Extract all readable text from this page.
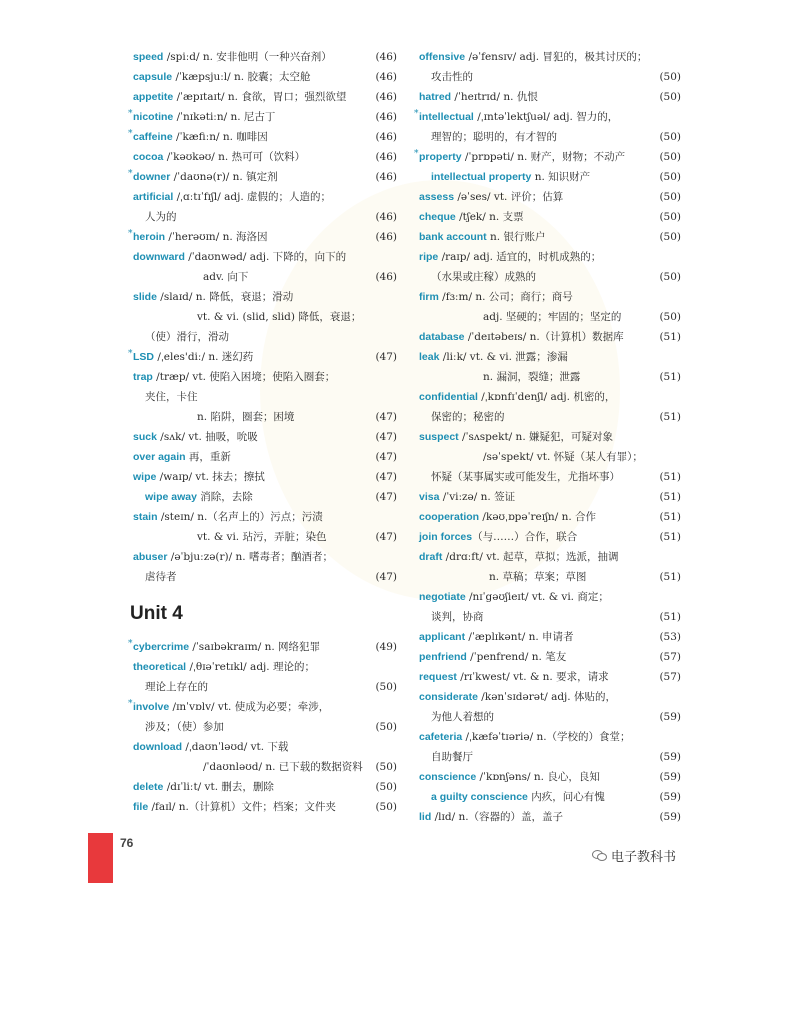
speed /spiːd/ n. 安非他明（一种兴奋剂）	(46)
capsule /ˈkæpsjuːl/ n. 胶囊；太空舱	(46)
appetite /ˈæpɪtaɪt/ n. 食欲，胃口；强烈欲望	(46)
* nicotine /ˈnɪkətiːn/ n. 尼古丁	(46)
* caffeine /ˈkæfiːn/ n. 咖啡因	(46)
cocoa /ˈkəʊkəʊ/ n. 热可可（饮料）	(46)
* downer /ˈdaʊnə(r)/ n. 镇定剂	(46)
artificial /ˌɑːtɪˈfɪʃl/ adj. 虚假的；人造的；
人为的	(46)
* heroin /ˈherəʊɪn/ n. 海洛因	(46)
downward /ˈdaʊnwəd/ adj. 下降的，向下的
adv. 向下	(46)
slide /slaɪd/ n. 降低，衰退；滑动
vt. & vi. (slid, slid) 降低，衰退；
（使）滑行，滑动
* LSD /ˌeles'diː/ n. 迷幻药	(47)
trap /træp/ vt. 使陷入困境；使陷入圈套；
夹住，卡住
n. 陷阱，圈套；困境	(47)
suck /sʌk/ vt. 抽吸，吮吸	(47)
over again 再，重新	(47)
wipe /waɪp/ vt. 抹去；擦拭	(47)
wipe away 消除，去除	(47)
stain /steɪn/ n.（名声上的）污点；污渍
vt. & vi. 玷污，弄脏；染色	(47)
abuser /əˈbjuːzə(r)/ n. 嗜毒者；酗酒者；
虐待者	(47)
Unit 4
* cybercrime /ˈsaɪbəkraɪm/ n. 网络犯罪	(49)
theoretical /ˌθɪəˈretɪkl/ adj. 理论的；
理论上存在的	(50)
* involve /ɪnˈvɒlv/ vt. 使成为必要；牵涉，
涉及；（使）参加	(50)
download /ˌdaʊnˈləʊd/ vt. 下载
/ˈdaʊnləʊd/ n. 已下载的数据资料 (50)
delete /dɪˈliːt/ vt. 删去，删除	(50)
file /faɪl/ n.（计算机）文件；档案；文件夹	(50)
offensive /əˈfensɪv/ adj. 冒犯的，极其讨厌的；
攻击性的	(50)
hatred /ˈheɪtrɪd/ n. 仇恨	(50)
* intellectual /ˌɪntəˈlektʃuəl/ adj. 智力的，
理智的；聪明的，有才智的	(50)
* property /ˈprɒpəti/ n. 财产，财物；不动产	(50)
intellectual property n. 知识财产	(50)
assess /əˈses/ vt. 评价；估算	(50)
cheque /tʃek/ n. 支票	(50)
bank account n. 银行账户	(50)
ripe /raɪp/ adj. 适宜的，时机成熟的；
（水果或庄稼）成熟的	(50)
firm /fɜːm/ n. 公司；商行；商号
adj. 坚硬的；牢固的；坚定的	(50)
database /ˈdeɪtəbeɪs/ n.（计算机）数据库	(51)
leak /liːk/ vt. & vi. 泄露；渗漏
n. 漏洞，裂缝；泄露	(51)
confidential /ˌkɒnfɪˈdenʃl/ adj. 机密的，
保密的；秘密的	(51)
suspect /ˈsʌspekt/ n. 嫌疑犯，可疑对象
/səˈspekt/ vt. 怀疑（某人有罪）；
怀疑（某事属实或可能发生，尤指坏事）	(51)
visa /ˈviːzə/ n. 签证	(51)
cooperation /kəʊˌɒpəˈreɪʃn/ n. 合作	(51)
join forces（与……）合作，联合	(51)
draft /drɑːft/ vt. 起草，草拟；选派，抽调
n. 草稿；草案；草图	(51)
negotiate /nɪˈgəʊʃieɪt/ vt. & vi. 商定；
谈判，协商	(51)
applicant /ˈæplɪkənt/ n. 申请者	(53)
penfriend /ˈpenfrend/ n. 笔友	(57)
request /rɪˈkwest/ vt. & n. 要求，请求	(57)
considerate /kənˈsɪdərət/ adj. 体贴的，
为他人着想的	(59)
cafeteria /ˌkæfəˈtɪəriə/ n.（学校的）食堂；
自助餐厅	(59)
conscience /ˈkɒnʃəns/ n. 良心，良知	(59)
a guilty conscience 内疚，问心有愧	(59)
lid /lɪd/ n.（容器的）盖，盖子	(59)
76
电子教科书
